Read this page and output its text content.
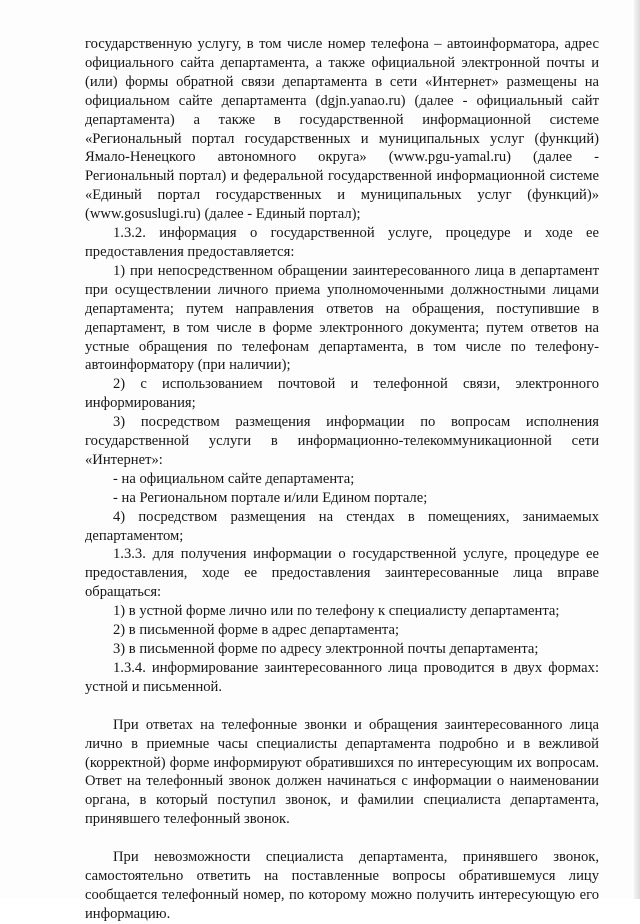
государственную услугу, в том числе номер телефона – автоинформатора, адрес официального сайта департамента, а также официальной электронной почты и (или) формы обратной связи департамента в сети «Интернет» размещены на официальном сайте департамента (dgjn.yanao.ru) (далее - официальный сайт департамента) а также в государственной информационной системе «Региональный портал государственных и муниципальных услуг (функций) Ямало-Ненецкого автономного округа» (www.pgu-yamal.ru) (далее - Региональный портал) и федеральной государственной информационной системе «Единый портал государственных и муниципальных услуг (функций)» (www.gosuslugi.ru) (далее - Единый портал);

1.3.2. информация о государственной услуге, процедуре и ходе ее предоставления предоставляется:

1) при непосредственном обращении заинтересованного лица в департамент при осуществлении личного приема уполномоченными должностными лицами департамента; путем направления ответов на обращения, поступившие в департамент, в том числе в форме электронного документа; путем ответов на устные обращения по телефонам департамента, в том числе по телефону-автоинформатору (при наличии);

2) с использованием почтовой и телефонной связи, электронного информирования;

3) посредством размещения информации по вопросам исполнения государственной услуги в информационно-телекоммуникационной сети «Интернет»:

- на официальном сайте департамента;

- на Региональном портале и/или Едином портале;

4) посредством размещения на стендах в помещениях, занимаемых департаментом;

1.3.3. для получения информации о государственной услуге, процедуре ее предоставления, ходе ее предоставления заинтересованные лица вправе обращаться:

1) в устной форме лично или по телефону к специалисту департамента;

2) в письменной форме в адрес департамента;

3) в письменной форме по адресу электронной почты департамента;

1.3.4. информирование заинтересованного лица проводится в двух формах: устной и письменной.

При ответах на телефонные звонки и обращения заинтересованного лица лично в приемные часы специалисты департамента подробно и в вежливой (корректной) форме информируют обратившихся по интересующим их вопросам. Ответ на телефонный звонок должен начинаться с информации о наименовании органа, в который поступил звонок, и фамилии специалиста департамента, принявшего телефонный звонок.

При невозможности специалиста департамента, принявшего звонок, самостоятельно ответить на поставленные вопросы обратившемуся лицу сообщается телефонный номер, по которому можно получить интересующую его информацию.
